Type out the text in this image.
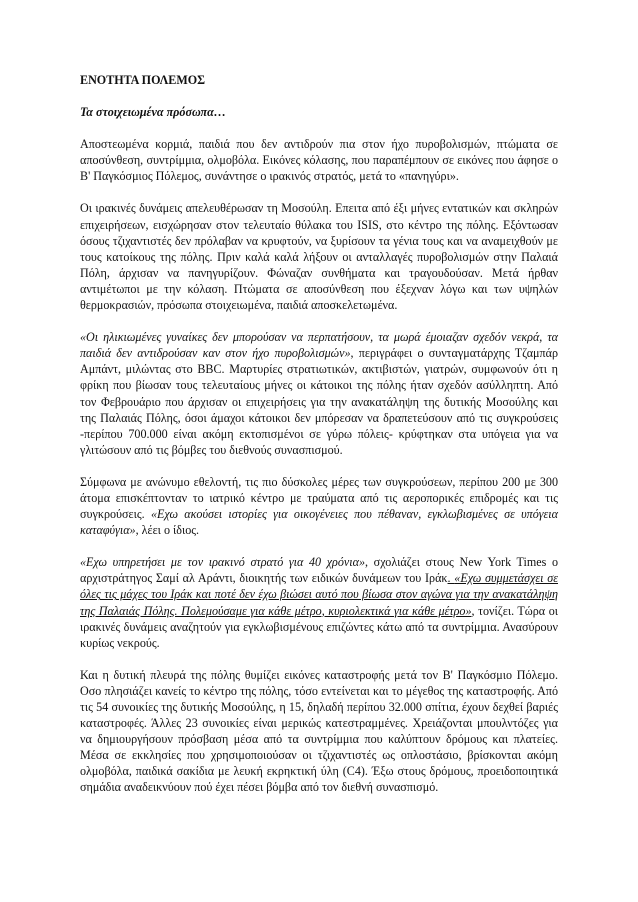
ΕΝΟΤΗΤΑ ΠΟΛΕΜΟΣ
Τα στοιχειωμένα πρόσωπα…

Αποστεωμένα κορμιά, παιδιά που δεν αντιδρούν πια στον ήχο πυροβολισμών, πτώματα σε αποσύνθεση, συντρίμμια, ολμοβόλα. Εικόνες κόλασης, που παραπέμπουν σε εικόνες που άφησε ο Β' Παγκόσμιος Πόλεμος, συνάντησε ο ιρακινός στρατός, μετά το «πανηγύρι».

Οι ιρακινές δυνάμεις απελευθέρωσαν τη Μοσούλη. Επειτα από έξι μήνες εντατικών και σκληρών επιχειρήσεων, εισχώρησαν στον τελευταίο θύλακα του ISIS, στο κέντρο της πόλης. Εξόντωσαν όσους τζιχαντιστές δεν πρόλαβαν να κρυφτούν, να ξυρίσουν τα γένια τους και να αναμειχθούν με τους κατοίκους της πόλης. Πριν καλά καλά λήξουν οι ανταλλαγές πυροβολισμών στην Παλαιά Πόλη, άρχισαν να πανηγυρίζουν. Φώναζαν συνθήματα και τραγουδούσαν. Μετά ήρθαν αντιμέτωποι με την κόλαση. Πτώματα σε αποσύνθεση που έξεχναν λόγω και των υψηλών θερμοκρασιών, πρόσωπα στοιχειωμένα, παιδιά αποσκελετωμένα.

«Οι ηλικιωμένες γυναίκες δεν μπορούσαν να περπατήσουν, τα μωρά έμοιαζαν σχεδόν νεκρά, τα παιδιά δεν αντιδρούσαν καν στον ήχο πυροβολισμών», περιγράφει ο συνταγματάρχης Τζαμπάρ Αμπάντ, μιλώντας στο BBC. Μαρτυρίες στρατιωτικών, ακτιβιστών, γιατρών, συμφωνούν ότι η φρίκη που βίωσαν τους τελευταίους μήνες οι κάτοικοι της πόλης ήταν σχεδόν ασύλληπτη. Από τον Φεβρουάριο που άρχισαν οι επιχειρήσεις για την ανακατάληψη της δυτικής Μοσούλης και της Παλαιάς Πόλης, όσοι άμαχοι κάτοικοι δεν μπόρεσαν να δραπετεύσουν από τις συγκρούσεις -περίπου 700.000 είναι ακόμη εκτοπισμένοι σε γύρω πόλεις- κρύφτηκαν στα υπόγεια για να γλιτώσουν από τις βόμβες του διεθνούς συνασπισμού.

Σύμφωνα με ανώνυμο εθελοντή, τις πιο δύσκολες μέρες των συγκρούσεων, περίπου 200 με 300 άτομα επισκέπτονταν το ιατρικό κέντρο με τραύματα από τις αεροπορικές επιδρομές και τις συγκρούσεις. «Εχω ακούσει ιστορίες για οικογένειες που πέθαναν, εγκλωβισμένες σε υπόγεια καταφύγια», λέει ο ίδιος.

«Εχω υπηρετήσει με τον ιρακινό στρατό για 40 χρόνια», σχολιάζει στους New York Times ο αρχιστράτηγος Σαμί αλ Αράντι, διοικητής των ειδικών δυνάμεων του Ιράκ. «Εχω συμμετάσχει σε όλες τις μάχες του Ιράκ και ποτέ δεν έχω βιώσει αυτό που βίωσα στον αγώνα για την ανακατάληψη της Παλαιάς Πόλης. Πολεμούσαμε για κάθε μέτρο, κυριολεκτικά για κάθε μέτρο», τονίζει. Τώρα οι ιρακινές δυνάμεις αναζητούν για εγκλωβισμένους επιζώντες κάτω από τα συντρίμμια. Ανασύρουν κυρίως νεκρούς.

Και η δυτική πλευρά της πόλης θυμίζει εικόνες καταστροφής μετά τον Β' Παγκόσμιο Πόλεμο. Οσο πλησιάζει κανείς το κέντρο της πόλης, τόσο εντείνεται και το μέγεθος της καταστροφής. Από τις 54 συνοικίες της δυτικής Μοσούλης, η 15, δηλαδή περίπου 32.000 σπίτια, έχουν δεχθεί βαριές καταστροφές. Άλλες 23 συνοικίες είναι μερικώς κατεστραμμένες. Χρειάζονται μπουλντόζες για να δημιουργήσουν πρόσβαση μέσα από τα συντρίμμια που καλύπτουν δρόμους και πλατείες. Μέσα σε εκκλησίες που χρησιμοποιούσαν οι τζιχαντιστές ως οπλοστάσιο, βρίσκονται ακόμη ολμοβόλα, παιδικά σακίδια με λευκή εκρηκτική ύλη (C4). Έξω στους δρόμους, προειδοποιητικά σημάδια αναδεικνύουν πού έχει πέσει βόμβα από τον διεθνή συνασπισμό.
